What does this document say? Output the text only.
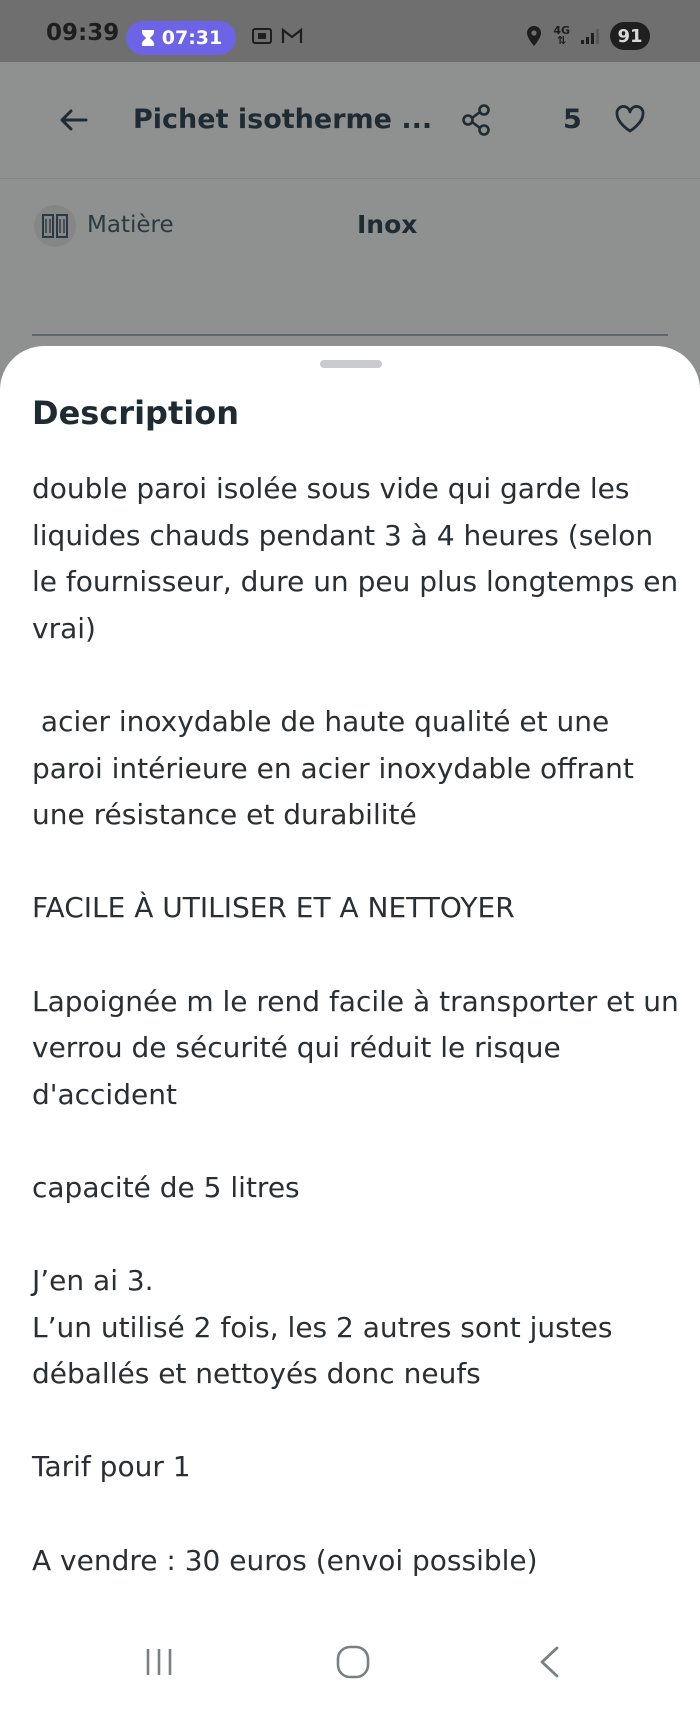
09:39 07:31	4G
⇅	91
Pichet isotherme ...	5
Matière	Inox
Description

double paroi isolée sous vide qui garde les liquides chauds pendant 3 à 4 heures (selon le fournisseur, dure un peu plus longtemps en vrai)

acier inoxydable de haute qualité et une paroi intérieure en acier inoxydable offrant une résistance et durabilité

FACILE À UTILISER ET A NETTOYER

Lapoignée m le rend facile à transporter et un verrou de sécurité qui réduit le risque d'accident

capacité de 5 litres

J’en ai 3.
L’un utilisé 2 fois, les 2 autres sont justes déballés et nettoyés donc neufs

Tarif pour 1

A vendre : 30 euros (envoi possible)
